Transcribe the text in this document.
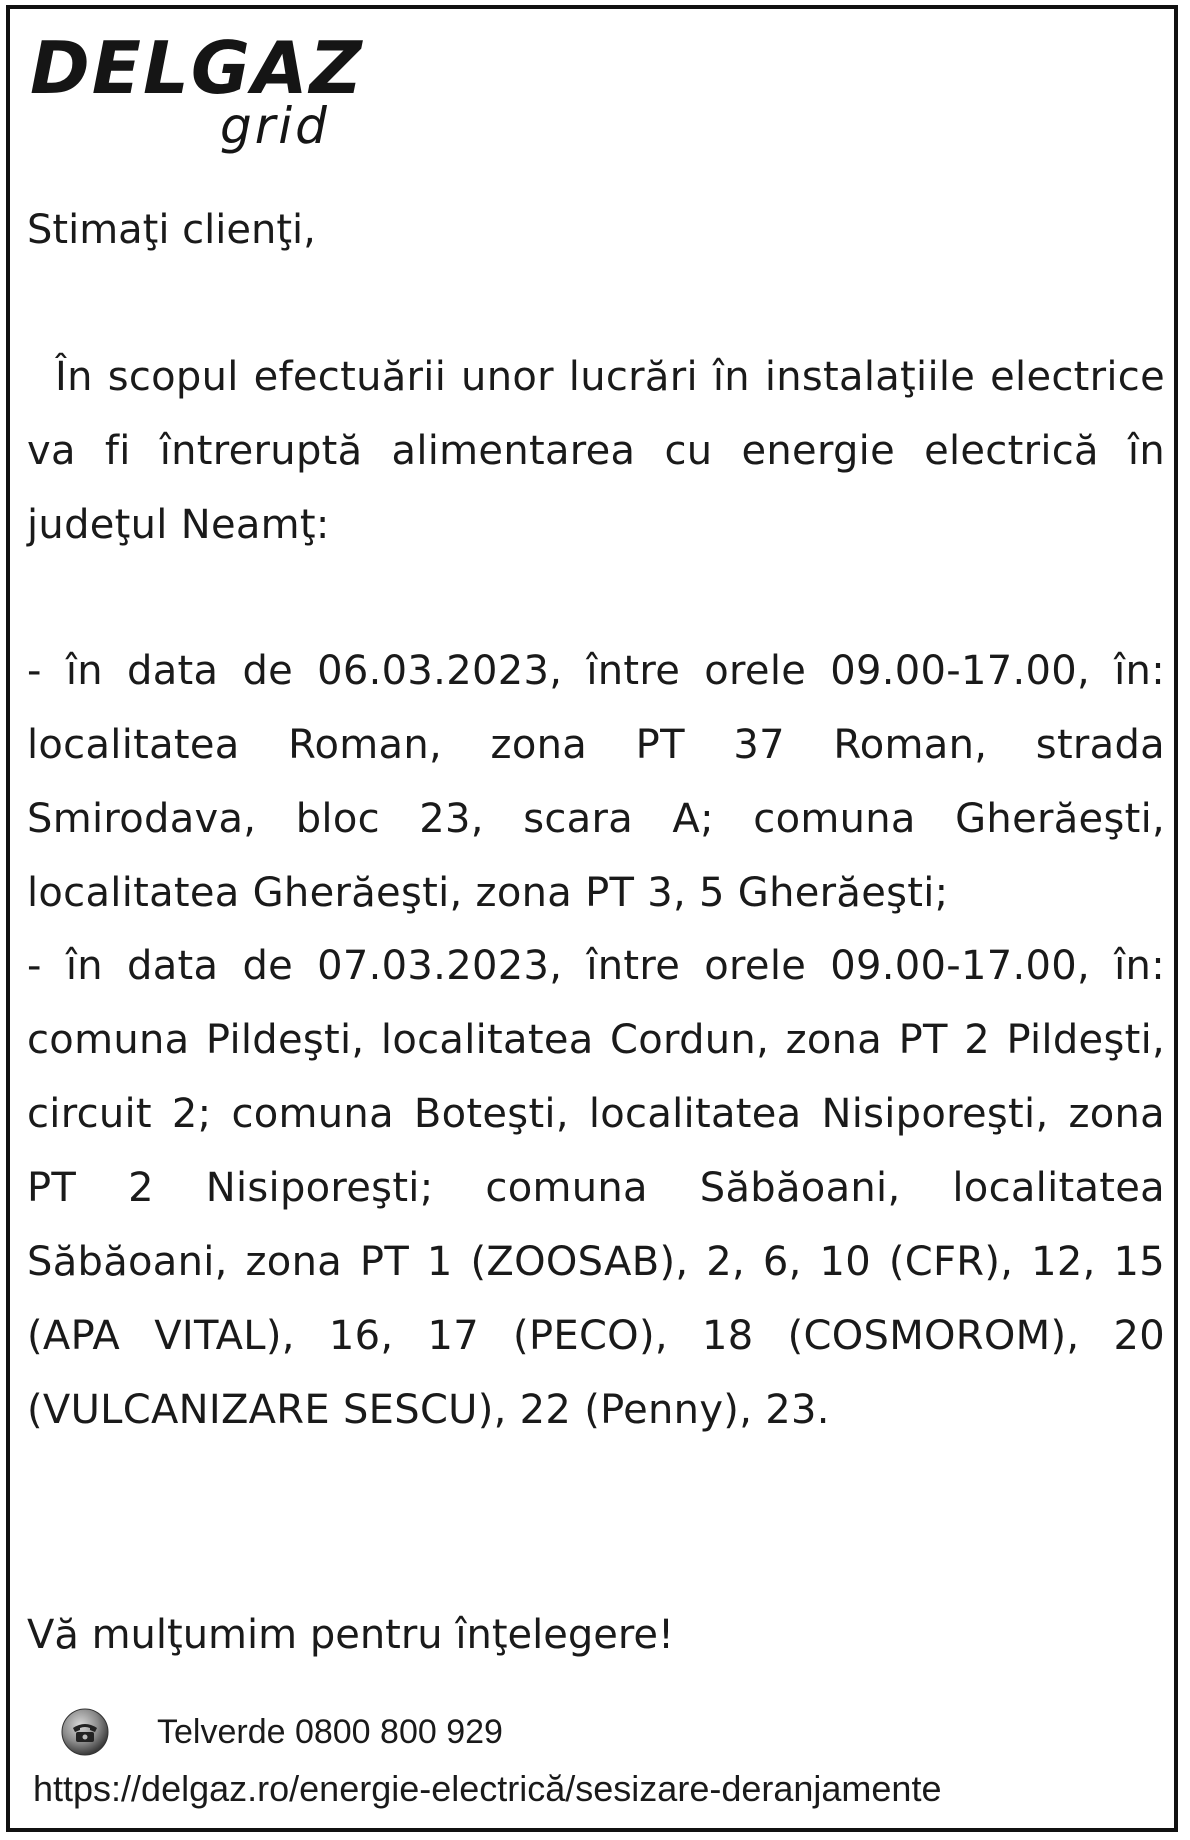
DELGAZ
grid
Stimaţi clienţi,
În scopul efectuării unor lucrări în instalaţiile electrice va fi întreruptă alimentarea cu energie electrică în judeţul Neamţ:
- în data de 06.03.2023, între orele 09.00-17.00, în: localitatea Roman, zona PT 37 Roman, strada Smirodava, bloc 23, scara A; comuna Gherăeşti, localitatea Gherăeşti, zona PT 3, 5 Gherăeşti;
- în data de 07.03.2023, între orele 09.00-17.00, în: comuna Pildeşti, localitatea Cordun, zona PT 2 Pildeşti, circuit 2; comuna Boteşti, localitatea Nisiporeşti, zona PT 2 Nisiporeşti; comuna Săbăoani, localitatea Săbăoani, zona PT 1 (ZOOSAB), 2, 6, 10 (CFR), 12, 15 (APA VITAL), 16, 17 (PECO), 18 (COSMOROM), 20 (VULCANIZARE SESCU), 22 (Penny), 23.
Vă mulţumim pentru înţelegere!
Telverde 0800 800 929
https://delgaz.ro/energie-electrică/sesizare-deranjamente
